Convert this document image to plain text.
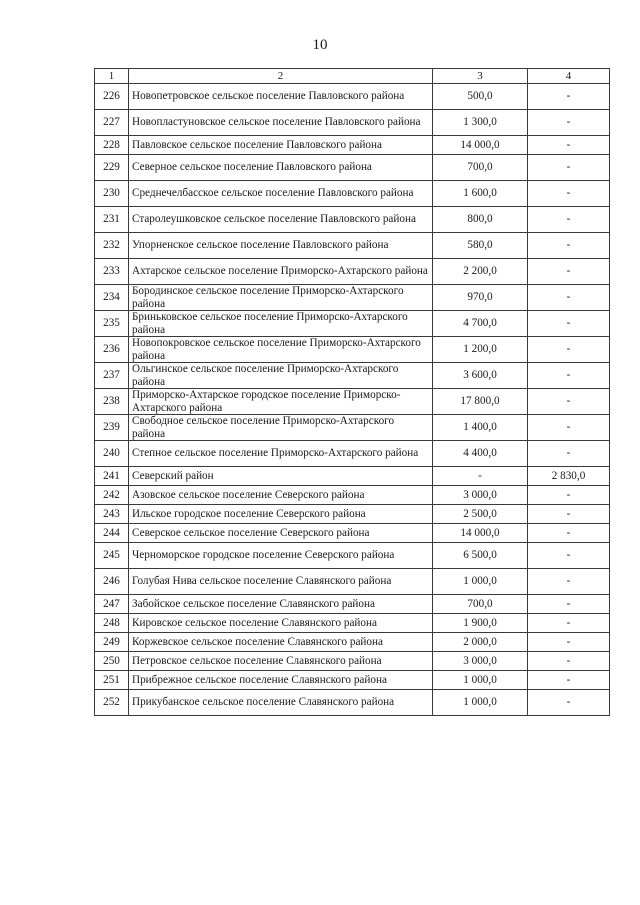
10
1	2	3	4
226	Новопетровское сельское поселение Павловского района	500,0	-
227	Новопластуновское сельское поселение Павловского района	1 300,0	-
228	Павловское сельское поселение Павловского района	14 000,0	-
229	Северное сельское поселение Павловского района	700,0	-
230	Среднечелбасское сельское поселение Павловского района	1 600,0	-
231	Старолеушковское сельское поселение Павловского района	800,0	-
232	Упорненское сельское поселение Павловского района	580,0	-
233	Ахтарское сельское поселение Приморско-Ахтарского района	2 200,0	-
234	Бородинское сельское поселение Приморско-Ахтарского района	970,0	-
235	Бриньковское сельское поселение Приморско-Ахтарского района	4 700,0	-
236	Новопокровское сельское поселение Приморско-Ахтарского района	1 200,0	-
237	Ольгинское сельское поселение Приморско-Ахтарского района	3 600,0	-
238	Приморско-Ахтарское городское поселение Приморско-Ахтарского района	17 800,0	-
239	Свободное сельское поселение Приморско-Ахтарского района	1 400,0	-
240	Степное сельское поселение Приморско-Ахтарского района	4 400,0	-
241	Северский район	-	2 830,0
242	Азовское сельское поселение Северского района	3 000,0	-
243	Ильское городское поселение Северского района	2 500,0	-
244	Северское сельское поселение Северского района	14 000,0	-
245	Черноморское городское поселение Северского района	6 500,0	-
246	Голубая Нива сельское поселение Славянского района	1 000,0	-
247	Забойское сельское поселение Славянского района	700,0	-
248	Кировское сельское поселение Славянского района	1 900,0	-
249	Коржевское сельское поселение Славянского района	2 000,0	-
250	Петровское сельское поселение Славянского района	3 000,0	-
251	Прибрежное сельское поселение Славянского района	1 000,0	-
252	Прикубанское сельское поселение Славянского района	1 000,0	-
